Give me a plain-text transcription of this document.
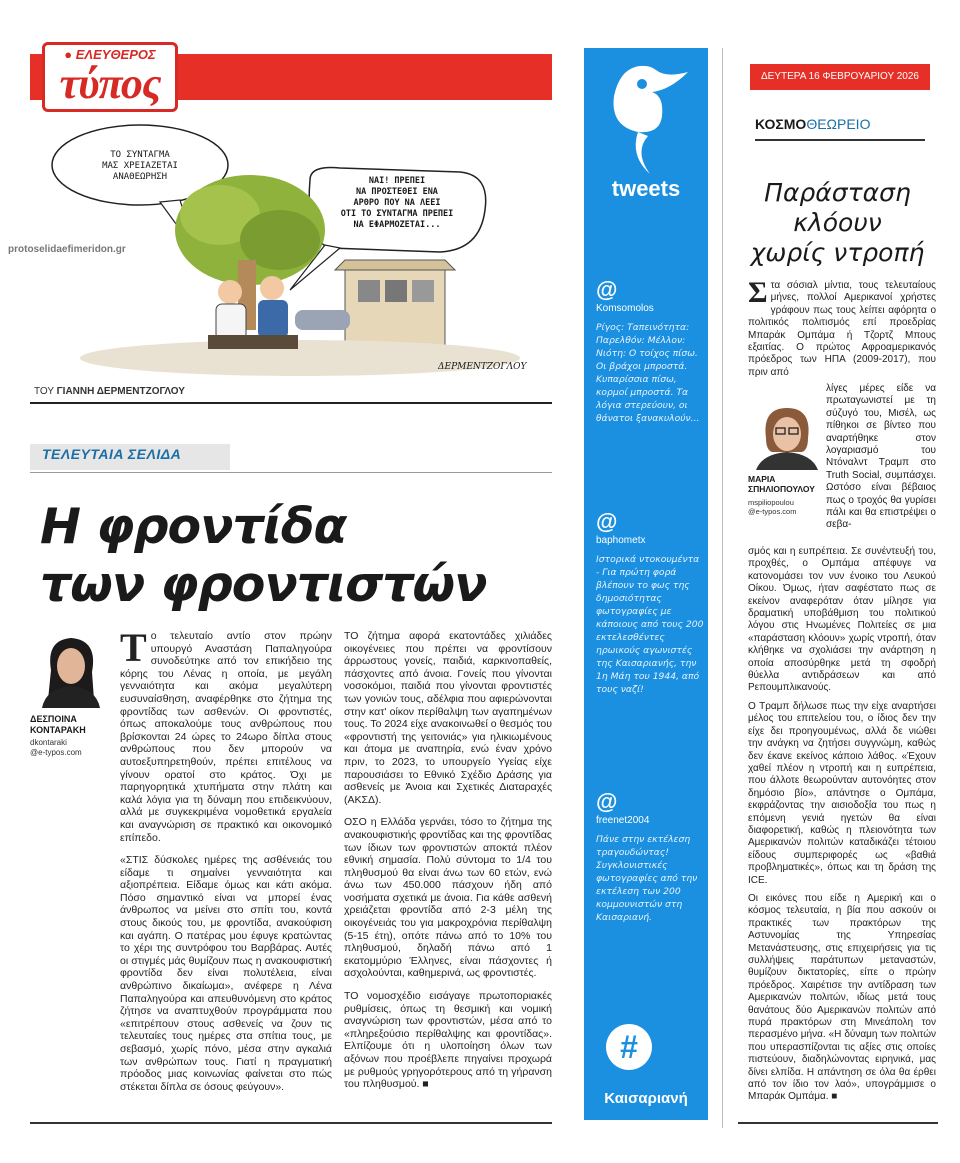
● ΕΛΕΥΘΕΡΟΣ
τύπος
protoselidaefimeridon.gr
ΤΟ ΣΥΝΤΑΓΜΑ
ΜΑΣ ΧΡΕΙΑΖΕΤΑΙ
ΑΝΑΘΕΩΡΗΣΗ	ΝΑΙ! ΠΡΕΠΕΙ
ΝΑ ΠΡΟΣΤΕΘΕΙ ΕΝΑ
ΑΡΘΡΟ ΠΟΥ ΝΑ ΛΕΕΙ
ΟΤΙ ΤΟ ΣΥΝΤΑΓΜΑ ΠΡΕΠΕΙ
ΝΑ ΕΦΑΡΜΟΖΕΤΑΙ...
ΔΕΡΜΕΝΤΖΟΓΛΟΥ
ΤΟΥ ΓΙΑΝΝΗ ΔΕΡΜΕΝΤΖΟΓΛΟΥ
ΤΕΛΕΥΤΑΙΑ ΣΕΛΙΔΑ
Η φροντίδα
των φροντιστών
ΔΕΣΠΟΙΝΑ
ΚΟΝΤΑΡΑΚΗ
dkontaraki
@e-typos.com

Το τελευταίο αντίο στον πρώην υπουργό Αναστάση Παπαληγούρα συνοδεύτηκε από τον επικήδειο της κόρης του Λένας η οποία, με μεγάλη γενναιότητα και ακόμα μεγαλύτερη ευσυναίσθηση, αναφέρθηκε στο ζήτημα της φροντίδας των ασθενών. Οι φροντιστές, όπως αποκαλούμε τους ανθρώπους που βρίσκονται 24 ώρες το 24ωρο δίπλα στους ανθρώπους που δεν μπορούν να αυτοεξυπηρετηθούν, πρέπει επιτέλους να γίνουν ορατοί στο κράτος. Όχι με παρηγορητικά χτυπήματα στην πλάτη και καλά λόγια για τη δύναμη που επιδεικνύουν, αλλά με συγκεκριμένα νομοθετικά εργαλεία και αναγνώριση σε πρακτικό και οικονομικό επίπεδο.

«ΣΤΙΣ δύσκολες ημέρες της ασθένειάς του είδαμε τι σημαίνει γενναιότητα και αξιοπρέπεια. Είδαμε όμως και κάτι ακόμα. Πόσο σημαντικό είναι να μπορεί ένας άνθρωπος να μείνει στο σπίτι του, κοντά στους δικούς του, με φροντίδα, ανακούφιση και αγάπη. Ο πατέρας μου έφυγε κρατώντας το χέρι της συντρόφου του Βαρβάρας. Αυτές οι στιγμές μάς θυμίζουν πως η ανακουφιστική φροντίδα δεν είναι πολυτέλεια, είναι ανθρώπινο δικαίωμα», ανέφερε η Λένα Παπαληγούρα και απευθυνόμενη στο κράτος ζήτησε να αναπτυχθούν προγράμματα που «επιτρέπουν στους ασθενείς να ζουν τις τελευταίες τους ημέρες στα σπίτια τους, με σεβασμό, χωρίς πόνο, μέσα στην αγκαλιά των ανθρώπων τους. Γιατί η πραγματική πρόοδος μιας κοινωνίας φαίνεται στο πώς στέκεται δίπλα σε όσους φεύγουν».

ΤΟ ζήτημα αφορά εκατοντάδες χιλιάδες οικογένειες που πρέπει να φροντίσουν άρρωστους γονείς, παιδιά, καρκινοπαθείς, πάσχοντες από άνοια. Γονείς που γίνονται νοσοκόμοι, παιδιά που γίνονται φροντιστές των γονιών τους, αδέλφια που αφιερώνονται στην κατ' οίκον περίθαλψη των αγαπημένων τους. Το 2024 είχε ανακοινωθεί ο θεσμός του «φροντιστή της γειτονιάς» για ηλικιωμένους και άτομα με αναπηρία, ενώ έναν χρόνο πριν, το 2023, το υπουργείο Υγείας είχε παρουσιάσει το Εθνικό Σχέδιο Δράσης για ασθενείς με Άνοια και Σχετικές Διαταραχές (ΑΚΣΔ).

ΟΣΟ η Ελλάδα γερνάει, τόσο το ζήτημα της ανακουφιστικής φροντίδας και της φροντίδας των ίδιων των φροντιστών αποκτά πλέον εθνική σημασία. Πολύ σύντομα το 1/4 του πληθυσμού θα είναι άνω των 60 ετών, ενώ άνω των 450.000 πάσχουν ήδη από νοσήματα σχετικά με άνοια. Για κάθε ασθενή χρειάζεται φροντίδα από 2-3 μέλη της οικογένειάς του για μακροχρόνια περίθαλψη (5-15 έτη), οπότε πάνω από το 10% του πληθυσμού, δηλαδή πάνω από 1 εκατομμύριο Έλληνες, είναι πάσχοντες ή ασχολούνται, καθημερινά, ως φροντιστές.

ΤΟ νομοσχέδιο εισάγαγε πρωτοποριακές ρυθμίσεις, όπως τη θεσμική και νομική αναγνώριση των φροντιστών, μέσα από το «πληρεξούσιο περίθαλψης και φροντίδας». Ελπίζουμε ότι η υλοποίηση όλων των αξόνων που προέβλεπε πηγαίνει προχωρά με ρυθμούς γρηγορότερους από τη γήρανση του πληθυσμού. ■

tweets
@
Komsomolos
Ρίγος: Ταπεινότητα: Παρελθόν: Μέλλον: Νιότη: Ο τοίχος πίσω. Οι βράχοι μπροστά. Κυπαρίσσια πίσω, κορμοί μπροστά. Τα λόγια στερεύουν, οι θάνατοι ξανακυλούν...
@
baphometx
Ιστορικά ντοκουμέντα - Για πρώτη φορά βλέπουν το φως της δημοσιότητας φωτογραφίες με κάποιους από τους 200 εκτελεσθέντες ηρωικούς αγωνιστές της Καισαριανής, την 1η Μάη του 1944, από τους ναζί!
@
freenet2004
Πάνε στην εκτέλεση τραγουδώντας! Συγκλονιστικές φωτογραφίες από την εκτέλεση των 200 κομμουνιστών στη Καισαριανή.
#
Καισαριανή
ΔΕΥΤΕΡΑ 16 ΦΕΒΡΟΥΑΡΙΟΥ 2026
ΚΟΣΜΟΘΕΩΡΕΙΟ
Παράσταση
κλόουν
χωρίς ντροπή

Στα σόσιαλ μίντια, τους τελευταίους μήνες, πολλοί Αμερικανοί χρήστες γράφουν πως τους λείπει αφόρητα ο πολιτικός πολιτισμός επί προεδρίας Μπαράκ Ομπάμα ή Τζορτζ Μπους εξαιτίας. Ο πρώτος Αφροαμερικανός πρόεδρος των ΗΠΑ (2009-2017), που πριν από

ΜΑΡΙΑ
ΣΠΗΛΙΟΠΟΥΛΟΥ
mspiliopoulou
@e-typos.com
λίγες μέρες είδε να πρωταγωνιστεί με τη σύζυγό του, Μισέλ, ως πίθηκοι σε βίντεο που αναρτήθηκε στον λογαριασμό του Ντόναλντ Τραμπ στο Truth Social, συμπάσχει. Ωστόσο είναι βέβαιος πως ο τροχός θα γυρίσει πάλι και θα επιστρέψει ο σεβα-

σμός και η ευπρέπεια. Σε συνέντευξή του, προχθές, ο Ομπάμα απέφυγε να κατονομάσει τον νυν ένοικο του Λευκού Οίκου. Όμως, ήταν σαφέστατο πως σε εκείνον αναφερόταν όταν μίλησε για δραματική υποβάθμιση του πολιτικού λόγου στις Ηνωμένες Πολιτείες σε μια «παράσταση κλόουν» χωρίς ντροπή, όταν κλήθηκε να σχολιάσει την ανάρτηση η οποία αποσύρθηκε μετά τη σφοδρή θύελλα αντιδράσεων και από Ρεπουμπλικανούς.

Ο Τραμπ δήλωσε πως την είχε αναρτήσει μέλος του επιτελείου του, ο ίδιος δεν την είχε δει προηγουμένως, αλλά δε νιώθει την ανάγκη να ζητήσει συγγνώμη, καθώς δεν έκανε εκείνος κάποιο λάθος. «Έχουν χαθεί πλέον η ντροπή και η ευπρέπεια, που άλλοτε θεωρούνταν αυτονόητες στον δημόσιο βίο», απάντησε ο Ομπάμα, εκφράζοντας την αισιοδοξία του πως η επόμενη γενιά ηγετών θα είναι διαφορετική, καθώς η πλειονότητα των Αμερικανών πολιτών καταδικάζει τέτοιου είδους συμπεριφορές ως «βαθιά προβληματικές», όπως και τη δράση της ICE.

Οι εικόνες που είδε η Αμερική και ο κόσμος τελευταία, η βία που ασκούν οι πρακτικές των πρακτόρων της Αστυνομίας της Υπηρεσίας Μετανάστευσης, στις επιχειρήσεις για τις συλλήψεις παράτυπων μεταναστών, θυμίζουν δικτατορίες, είπε ο πρώην πρόεδρος. Χαιρέτισε την αντίδραση των Αμερικανών πολιτών, ιδίως μετά τους θανάτους δύο Αμερικανών πολιτών από πυρά πρακτόρων στη Μινεάπολη τον περασμένο μήνα. «Η δύναμη των πολιτών που υπερασπίζονται τις αξίες στις οποίες πιστεύουν, διαδηλώνοντας ειρηνικά, μας δίνει ελπίδα. Η απάντηση σε όλα θα έρθει από τον ίδιο τον λαό», υπογράμμισε ο Μπαράκ Ομπάμα. ■
